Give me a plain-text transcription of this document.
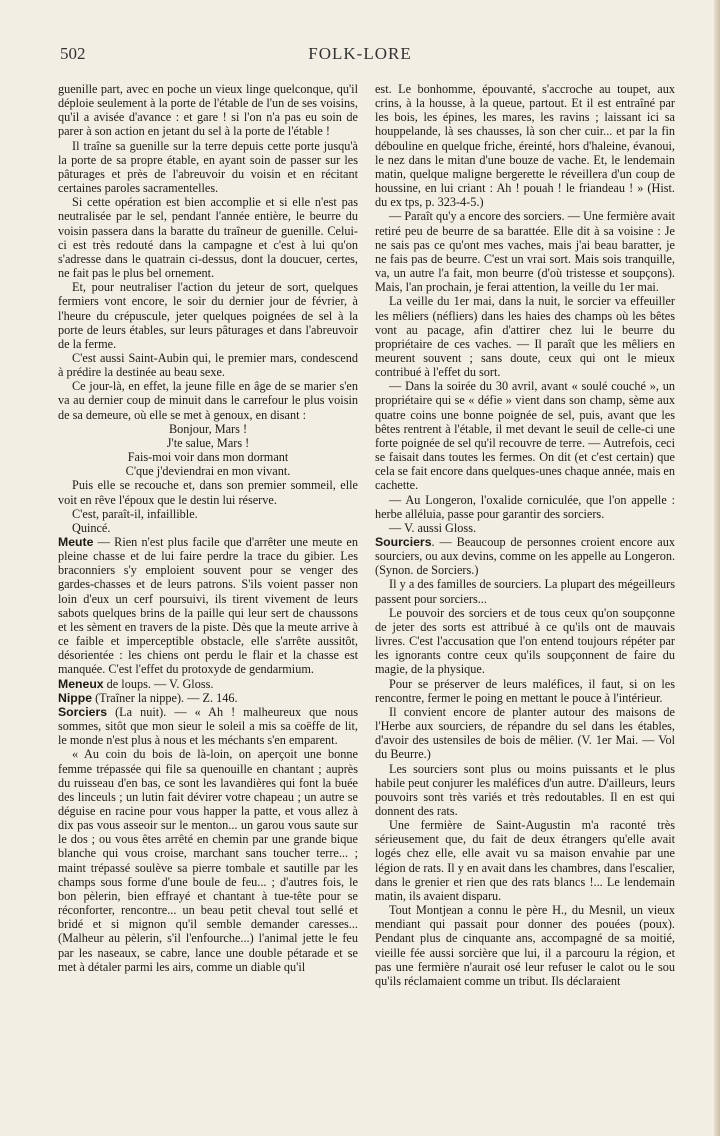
502	FOLK-LORE

guenille part, avec en poche un vieux linge quelconque, qu'il déploie seulement à la porte de l'étable de l'un de ses voisins, qu'il a avisée d'avance : et gare ! si l'on n'a pas eu soin de parer à son action en jetant du sel à la porte de l'étable !

Il traîne sa guenille sur la terre depuis cette porte jusqu'à la porte de sa propre étable, en ayant soin de passer sur les pâturages et près de l'abreuvoir du voisin et en récitant certaines paroles sacramentelles.

Si cette opération est bien accomplie et si elle n'est pas neutralisée par le sel, pendant l'année entière, le beurre du voisin passera dans la baratte du traîneur de guenille. Celui-ci est très redouté dans la campagne et c'est à lui qu'on s'adresse dans le quatrain ci-dessus, dont la doucuer, certes, ne fait pas le plus bel ornement.

Et, pour neutraliser l'action du jeteur de sort, quelques fermiers vont encore, le soir du dernier jour de février, à l'heure du crépuscule, jeter quelques poignées de sel à la porte de leurs étables, sur leurs pâturages et dans l'abreuvoir de la ferme.

C'est aussi Saint-Aubin qui, le premier mars, condescend à prédire la destinée au beau sexe.

Ce jour-là, en effet, la jeune fille en âge de se marier s'en va au dernier coup de minuit dans le carrefour le plus voisin de sa demeure, où elle se met à genoux, en disant :

Bonjour, Mars !

J'te salue, Mars !

Fais-moi voir dans mon dormant

C'que j'deviendrai en mon vivant.

Puis elle se recouche et, dans son premier sommeil, elle voit en rêve l'époux que le destin lui réserve.

C'est, paraît-il, infaillible.

Quincé.

Meute — Rien n'est plus facile que d'arrêter une meute en pleine chasse et de lui faire perdre la trace du gibier. Les braconniers s'y emploient souvent pour se venger des gardes-chasses et de leurs patrons. S'ils voient passer non loin d'eux un cerf poursuivi, ils tirent vivement de leurs sabots quelques brins de la paille qui leur sert de chaussons et les sèment en travers de la piste. Dès que la meute arrive à ce faible et imperceptible obstacle, elle s'arrête aussitôt, désorientée : les chiens ont perdu le flair et la chasse est manquée. C'est l'effet du protoxyde de gendarmium.

Meneux de loups. — V. Gloss.

Nippe (Traîner la nippe). — Z. 146.

Sorciers (La nuit). — « Ah ! malheureux que nous sommes, sitôt que mon sieur le soleil a mis sa coëffe de lit, le monde n'est plus à nous et les méchants s'en emparent.

« Au coin du bois de là-loin, on aperçoit une bonne femme trépassée qui file sa quenouille en chantant ; auprès du ruisseau d'en bas, ce sont les lavandières qui font la buée des linceuls ; un lutin fait dévirer votre chapeau ; un autre se déguise en racine pour vous happer la patte, et vous allez à dix pas vous asseoir sur le menton... un garou vous saute sur le dos ; ou vous êtes arrêté en chemin par une grande bique blanche qui vous croise, marchant sans toucher terre... ; maint trépassé soulève sa pierre tombale et sautille par les champs sous forme d'une boule de feu... ; d'autres fois, le bon pèlerin, bien effrayé et chantant à tue-tête pour se réconforter, rencontre... un beau petit cheval tout sellé et bridé et si mignon qu'il semble demander caresses... (Malheur au pèlerin, s'il l'enfourche...) l'animal jette le feu par les naseaux, se cabre, lance une double pétarade et se met à détaler parmi les airs, comme un diable qu'il

est. Le bonhomme, épouvanté, s'accroche au toupet, aux crins, à la housse, à la queue, partout. Et il est entraîné par les bois, les épines, les mares, les ravins ; laissant ici sa houppelande, là ses chausses, là son cher cuir... et par la fin débouline en quelque friche, éreinté, hors d'haleine, évanoui, le nez dans le mitan d'une bouze de vache. Et, le lendemain matin, quelque maligne bergerette le réveillera d'un coup de houssine, en lui criant : Ah ! pouah ! le friandeau ! » (Hist. du ex tps, p. 323-4-5.)

— Paraît qu'y a encore des sorciers. — Une fermière avait retiré peu de beurre de sa barattée. Elle dit à sa voisine : Je ne sais pas ce qu'ont mes vaches, mais j'ai beau baratter, je ne fais pas de beurre. C'est un vrai sort. Mais sois tranquille, va, un autre l'a fait, mon beurre (d'où tristesse et soupçons). Mais, l'an prochain, je ferai attention, la veille du 1er mai.

La veille du 1er mai, dans la nuit, le sorcier va effeuiller les mêliers (néfliers) dans les haies des champs où les bêtes vont au pacage, afin d'attirer chez lui le beurre du propriétaire de ces vaches. — Il paraît que les mêliers en meurent souvent ; sans doute, ceux qui ont le mieux contribué à l'effet du sort.

— Dans la soirée du 30 avril, avant « soulé couché », un propriétaire qui se « défie » vient dans son champ, sème aux quatre coins une bonne poignée de sel, puis, avant que les bêtes rentrent à l'étable, il met devant le seuil de celle-ci une forte poignée de sel qu'il recouvre de terre. — Autrefois, ceci se faisait dans toutes les fermes. On dit (et c'est certain) que cela se fait encore dans quelques-unes chaque année, mais en cachette.

— Au Longeron, l'oxalide corniculée, que l'on appelle : herbe alléluia, passe pour garantir des sorciers.

— V. aussi Gloss.

Sourciers. — Beaucoup de personnes croient encore aux sourciers, ou aux devins, comme on les appelle au Longeron. (Synon. de Sorciers.)

Il y a des familles de sourciers. La plupart des mégeilleurs passent pour sorciers...

Le pouvoir des sorciers et de tous ceux qu'on soupçonne de jeter des sorts est attribué à ce qu'ils ont de mauvais livres. C'est l'accusation que l'on entend toujours répéter par les ignorants contre ceux qu'ils soupçonnent de faire du magie, de la physique.

Pour se préserver de leurs maléfices, il faut, si on les rencontre, fermer le poing en mettant le pouce à l'intérieur.

Il convient encore de planter autour des maisons de l'Herbe aux sourciers, de répandre du sel dans les étables, d'avoir des ustensiles de bois de mêlier. (V. 1er Mai. — Vol du Beurre.)

Les sourciers sont plus ou moins puissants et le plus habile peut conjurer les maléfices d'un autre. D'ailleurs, leurs pouvoirs sont très variés et très redoutables. Il en est qui donnent des rats.

Une fermière de Saint-Augustin m'a raconté très sérieusement que, du fait de deux étrangers qu'elle avait logés chez elle, elle avait vu sa maison envahie par une légion de rats. Il y en avait dans les chambres, dans l'escalier, dans le grenier et rien que des rats blancs !... Le lendemain matin, ils avaient disparu.

Tout Montjean a connu le père H., du Mesnil, un vieux mendiant qui passait pour donner des pouées (poux). Pendant plus de cinquante ans, accompagné de sa moitié, vieille fée aussi sorcière que lui, il a parcouru la région, et pas une fermière n'aurait osé leur refuser le calot ou le sou qu'ils réclamaient comme un tribut. Ils déclaraient
